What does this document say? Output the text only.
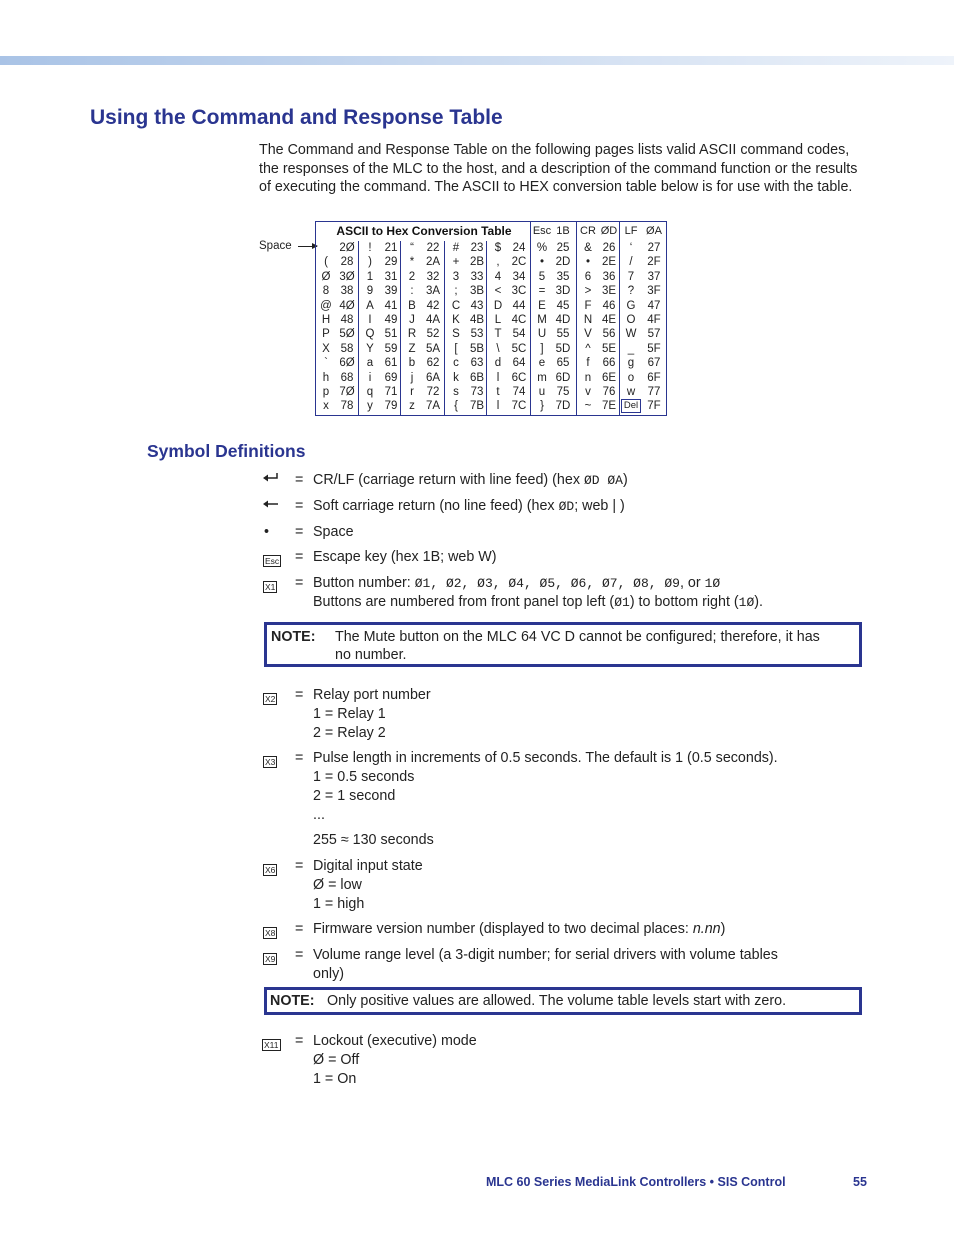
Using the Command and Response Table

The Command and Response Table on the following pages lists valid ASCII command codes, the responses of the MLC to the host, and a description of the command function or the results of executing the command. The ASCII to HEX conversion table below is for use with the table.

Space
ASCII to Hex Conversion Table

(
Ø
8
@
H
P
X
`
h
p
x
2Ø
28
3Ø
38
4Ø
48
5Ø
58
6Ø
68
7Ø
78
!
)
1
9
A
I
Q
Y
a
i
q
y
21
29
31
39
41
49
51
59
61
69
71
79
“
*
2
:
B
J
R
Z
b
j
r
z
22
2A
32
3A
42
4A
52
5A
62
6A
72
7A
#
+
3
;
C
K
S
[
c
k
s
{
23
2B
33
3B
43
4B
53
5B
63
6B
73
7B
$
,
4
<
D
L
T
\
d
l
t
l
24
2C
34
3C
44
4C
54
5C
64
6C
74
7C
%
•
5
=
E
M
U
]
e
m
u
}
25
2D
35
3D
45
4D
55
5D
65
6D
75
7D
&
•
6
>
F
N
V
^
f
n
v
~
26
2E
36
3E
46
4E
56
5E
66
6E
76
7E
‘
/
7
?
G
O
W
_
g
o
w
Del
27
2F
37
3F
47
4F
57
5F
67
6F
77
7F
Esc 1B CR ØD LF ØA
Symbol Definitions
= CR/LF (carriage return with line feed) (hex ØD ØA)
= Soft carriage return (no line feed) (hex ØD; web | )
• = Space
Esc = Escape key (hex 1B; web W)
X1 = Button number: Ø1, Ø2, Ø3, Ø4, Ø5, Ø6, Ø7, Ø8, Ø9, or 1Ø
Buttons are numbered from front panel top left (Ø1) to bottom right (1Ø).
NOTE: The Mute button on the MLC 64 VC D cannot be configured; therefore, it has
no number.
X2 = Relay port number
1 = Relay 1
2 = Relay 2
X3 = Pulse length in increments of 0.5 seconds. The default is 1 (0.5 seconds).
1 = 0.5 seconds
2 = 1 second
...
255 ≈ 130 seconds
X6 = Digital input state
Ø = low
1 = high
X8 = Firmware version number (displayed to two decimal places: n.nn)
X9 = Volume range level (a 3-digit number; for serial drivers with volume tables
only)
NOTE: Only positive values are allowed. The volume table levels start with zero.
X11 = Lockout (executive) mode
Ø = Off
1 = On
MLC 60 Series MediaLink Controllers • SIS Control	55
